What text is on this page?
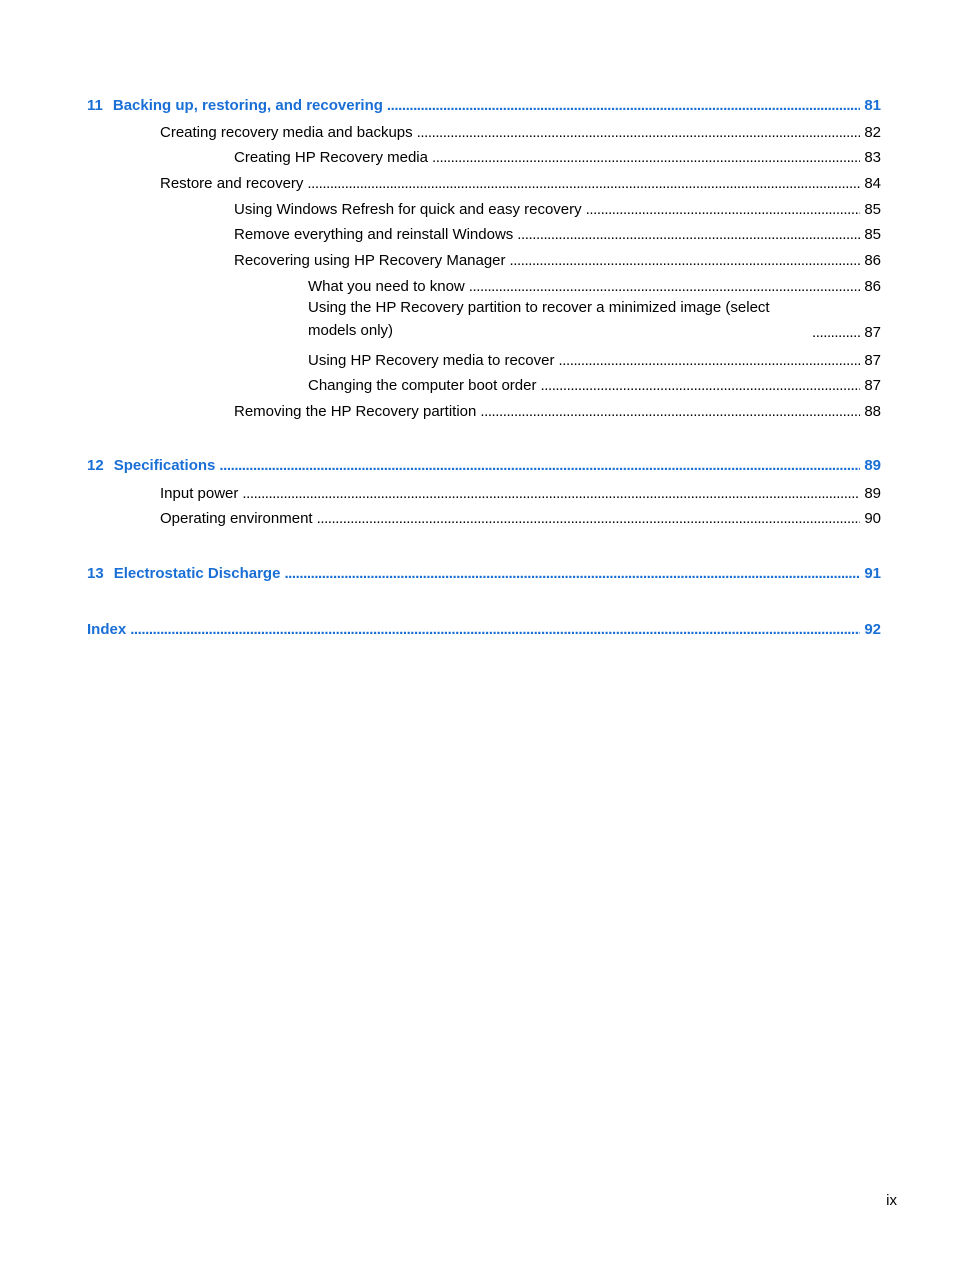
11 Backing up, restoring, and recovering . . .	81
Creating recovery media and backups . . .	82
Creating HP Recovery media . . .	83
Restore and recovery . . .	84
Using Windows Refresh for quick and easy recovery . . .	85
Remove everything and reinstall Windows . . .	85
Recovering using HP Recovery Manager . . .	86
What you need to know . . .	86
Using the HP Recovery partition to recover a minimized image (select models only) . . .	87
Using HP Recovery media to recover . . .	87
Changing the computer boot order . . .	87
Removing the HP Recovery partition . . .	88
12 Specifications . . .	89
Input power . . .	89
Operating environment . . .	90
13 Electrostatic Discharge . . .	91
Index . . .	92
ix
